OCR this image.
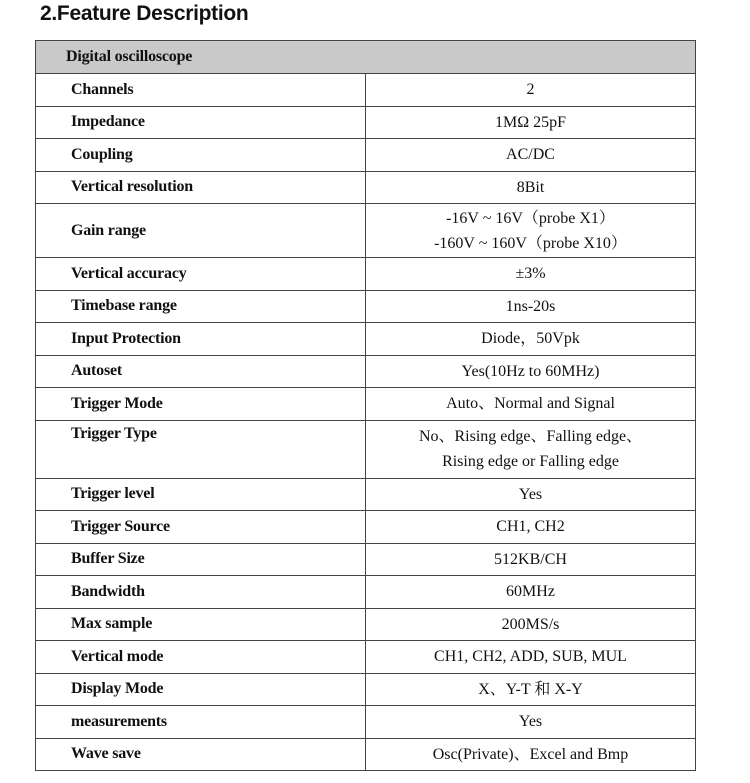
2.Feature Description
Digital oscilloscope	
Channels	2

Impedance	1MΩ 25pF

Coupling	AC/DC

Vertical resolution	8Bit

Gain range	-16V ~ 16V（probe X1）
-160V ~ 160V（probe X10）

Vertical accuracy	±3%

Timebase range	1ns-20s

Input Protection	Diode，50Vpk

Autoset	Yes(10Hz to 60MHz)

Trigger Mode	Auto、Normal and Signal

Trigger Type	No、Rising edge、Falling edge、
Rising edge or Falling edge

Trigger level	Yes

Trigger Source	CH1, CH2

Buffer Size	512KB/CH

Bandwidth	60MHz

Max sample	200MS/s

Vertical mode	CH1, CH2, ADD, SUB, MUL

Display Mode	X、Y-T 和 X-Y

measurements	Yes

Wave save	Osc(Private)、Excel and Bmp
